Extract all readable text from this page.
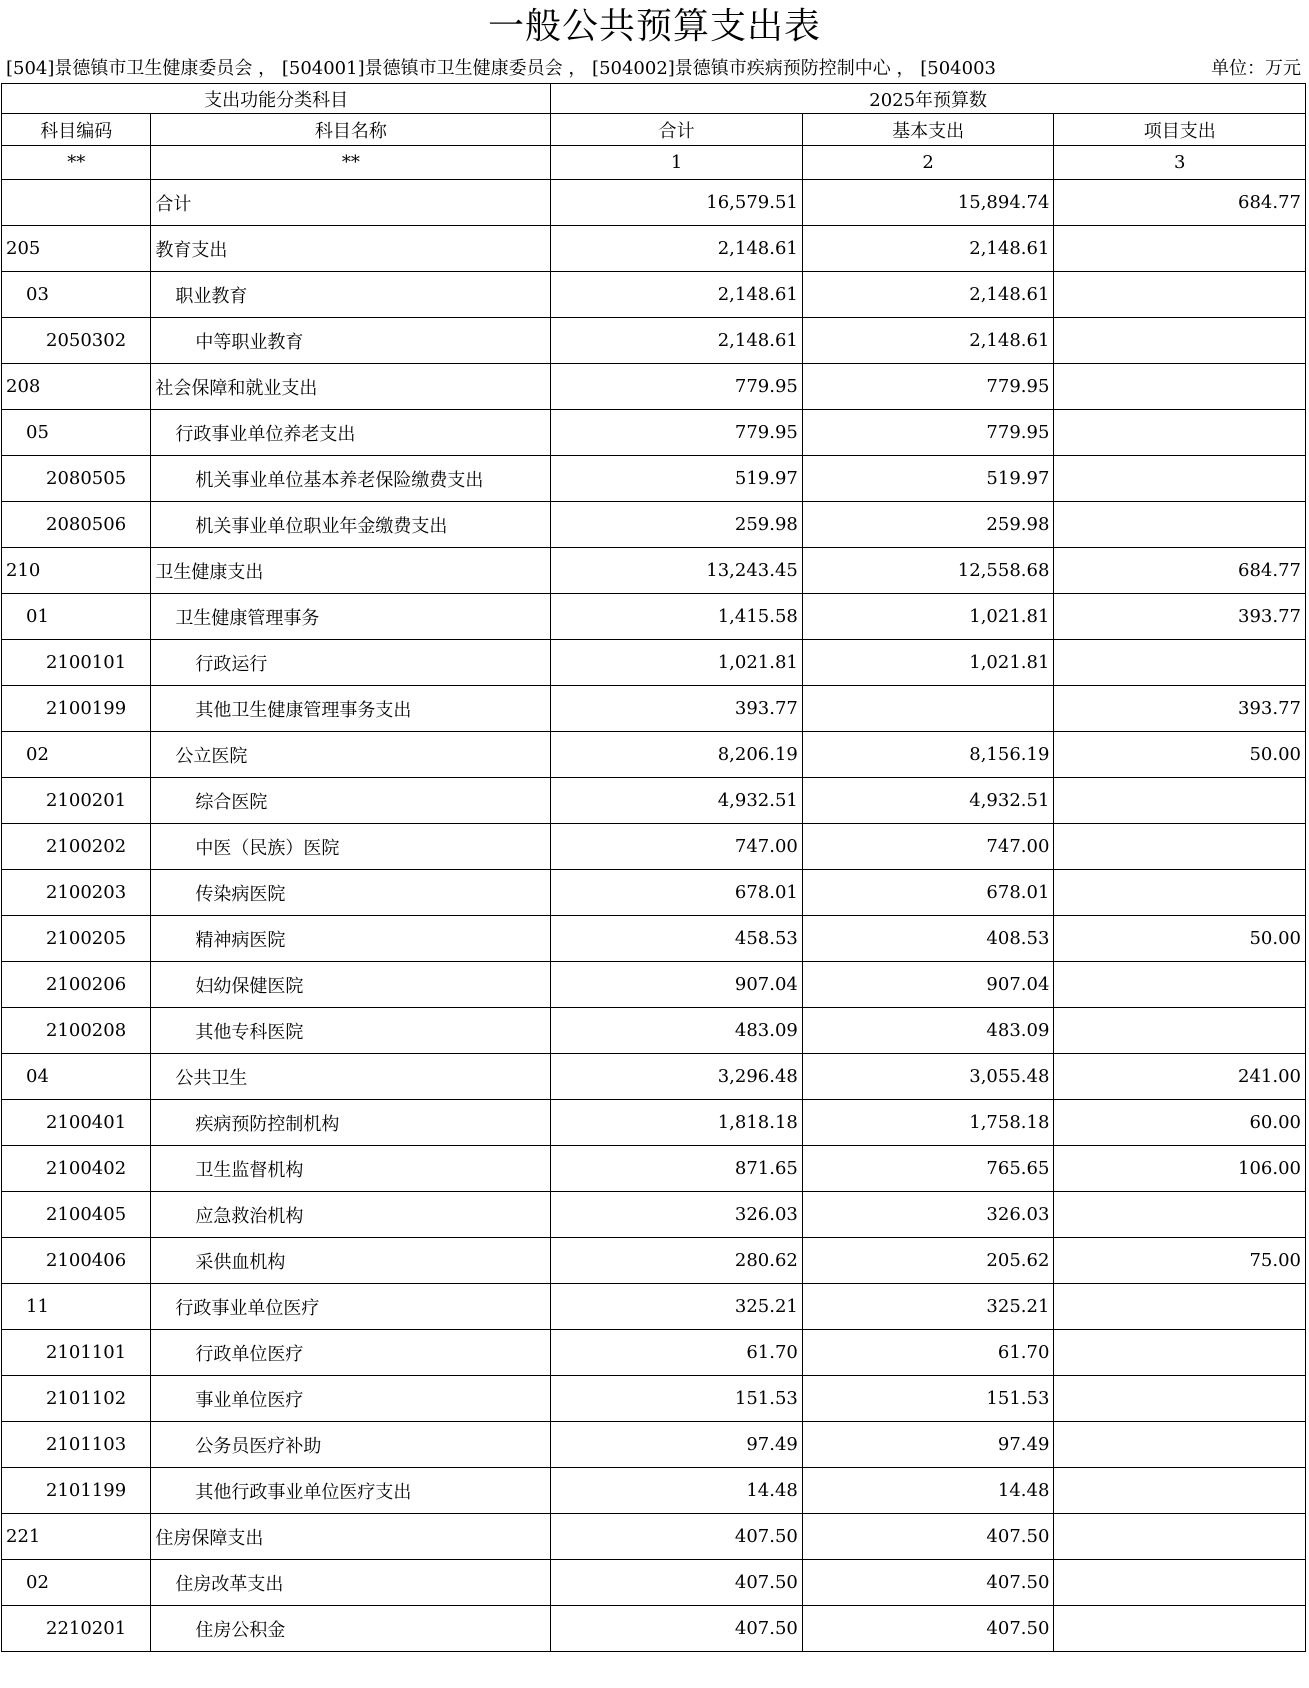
一般公共预算支出表
[504]景德镇市卫生健康委员会 ， [504001]景德镇市卫生健康委员会 ， [504002]景德镇市疾病预防控制中心 ， [504003	单位：万元
支出功能分类科目		2025年预算数		
科目编码	科目名称	合计	基本支出	项目支出
**	**	1	2	3
	合计	16,579.51	15,894.74	684.77
205	教育支出	2,148.61	2,148.61	
03	职业教育	2,148.61	2,148.61	
2050302	中等职业教育	2,148.61	2,148.61	
208	社会保障和就业支出	779.95	779.95	
05	行政事业单位养老支出	779.95	779.95	
2080505	机关事业单位基本养老保险缴费支出	519.97	519.97	
2080506	机关事业单位职业年金缴费支出	259.98	259.98	
210	卫生健康支出	13,243.45	12,558.68	684.77
01	卫生健康管理事务	1,415.58	1,021.81	393.77
2100101	行政运行	1,021.81	1,021.81	
2100199	其他卫生健康管理事务支出	393.77		393.77
02	公立医院	8,206.19	8,156.19	50.00
2100201	综合医院	4,932.51	4,932.51	
2100202	中医（民族）医院	747.00	747.00	
2100203	传染病医院	678.01	678.01	
2100205	精神病医院	458.53	408.53	50.00
2100206	妇幼保健医院	907.04	907.04	
2100208	其他专科医院	483.09	483.09	
04	公共卫生	3,296.48	3,055.48	241.00
2100401	疾病预防控制机构	1,818.18	1,758.18	60.00
2100402	卫生监督机构	871.65	765.65	106.00
2100405	应急救治机构	326.03	326.03	
2100406	采供血机构	280.62	205.62	75.00
11	行政事业单位医疗	325.21	325.21	
2101101	行政单位医疗	61.70	61.70	
2101102	事业单位医疗	151.53	151.53	
2101103	公务员医疗补助	97.49	97.49	
2101199	其他行政事业单位医疗支出	14.48	14.48	
221	住房保障支出	407.50	407.50	
02	住房改革支出	407.50	407.50	
2210201	住房公积金	407.50	407.50	
